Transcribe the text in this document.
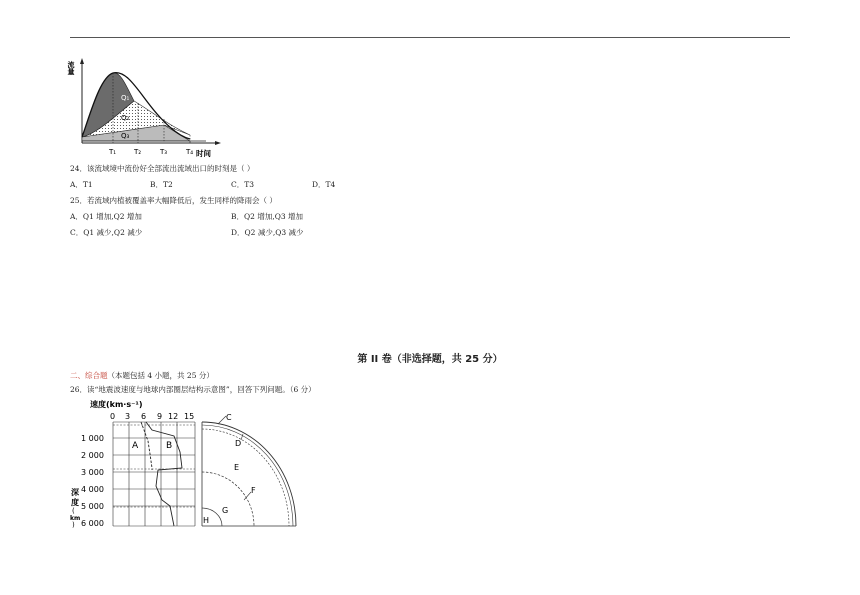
流量
时间
Q₁
Q₂
Q₃
T₁	T₂	T₃	T₄
24．该流域境中流份好全部流出流域出口的时刻是（ ）
A．T1	B．T2	C．T3	D．T4
25．若流域内植被覆盖率大幅降低后，发生同样的降雨会（ ）
A．Q1 增加,Q2 增加	B．Q2 增加,Q3 增加
C．Q1 减少,Q2 减少	D．Q2 减少,Q3 减少
第 II 卷（非选择题，共 25 分）
二、综合题（本题包括 4 小题，共 25 分）
26．读“地震波速度与地球内部圈层结构示意图”，回答下列问题。（6 分）
速度(km·s⁻¹)
0 3 6 9 12 15
A	B
1 000
2 000
3 000
4 000
5 000
6 000
深
度
(
km
)
C
D
E
F
G
H
